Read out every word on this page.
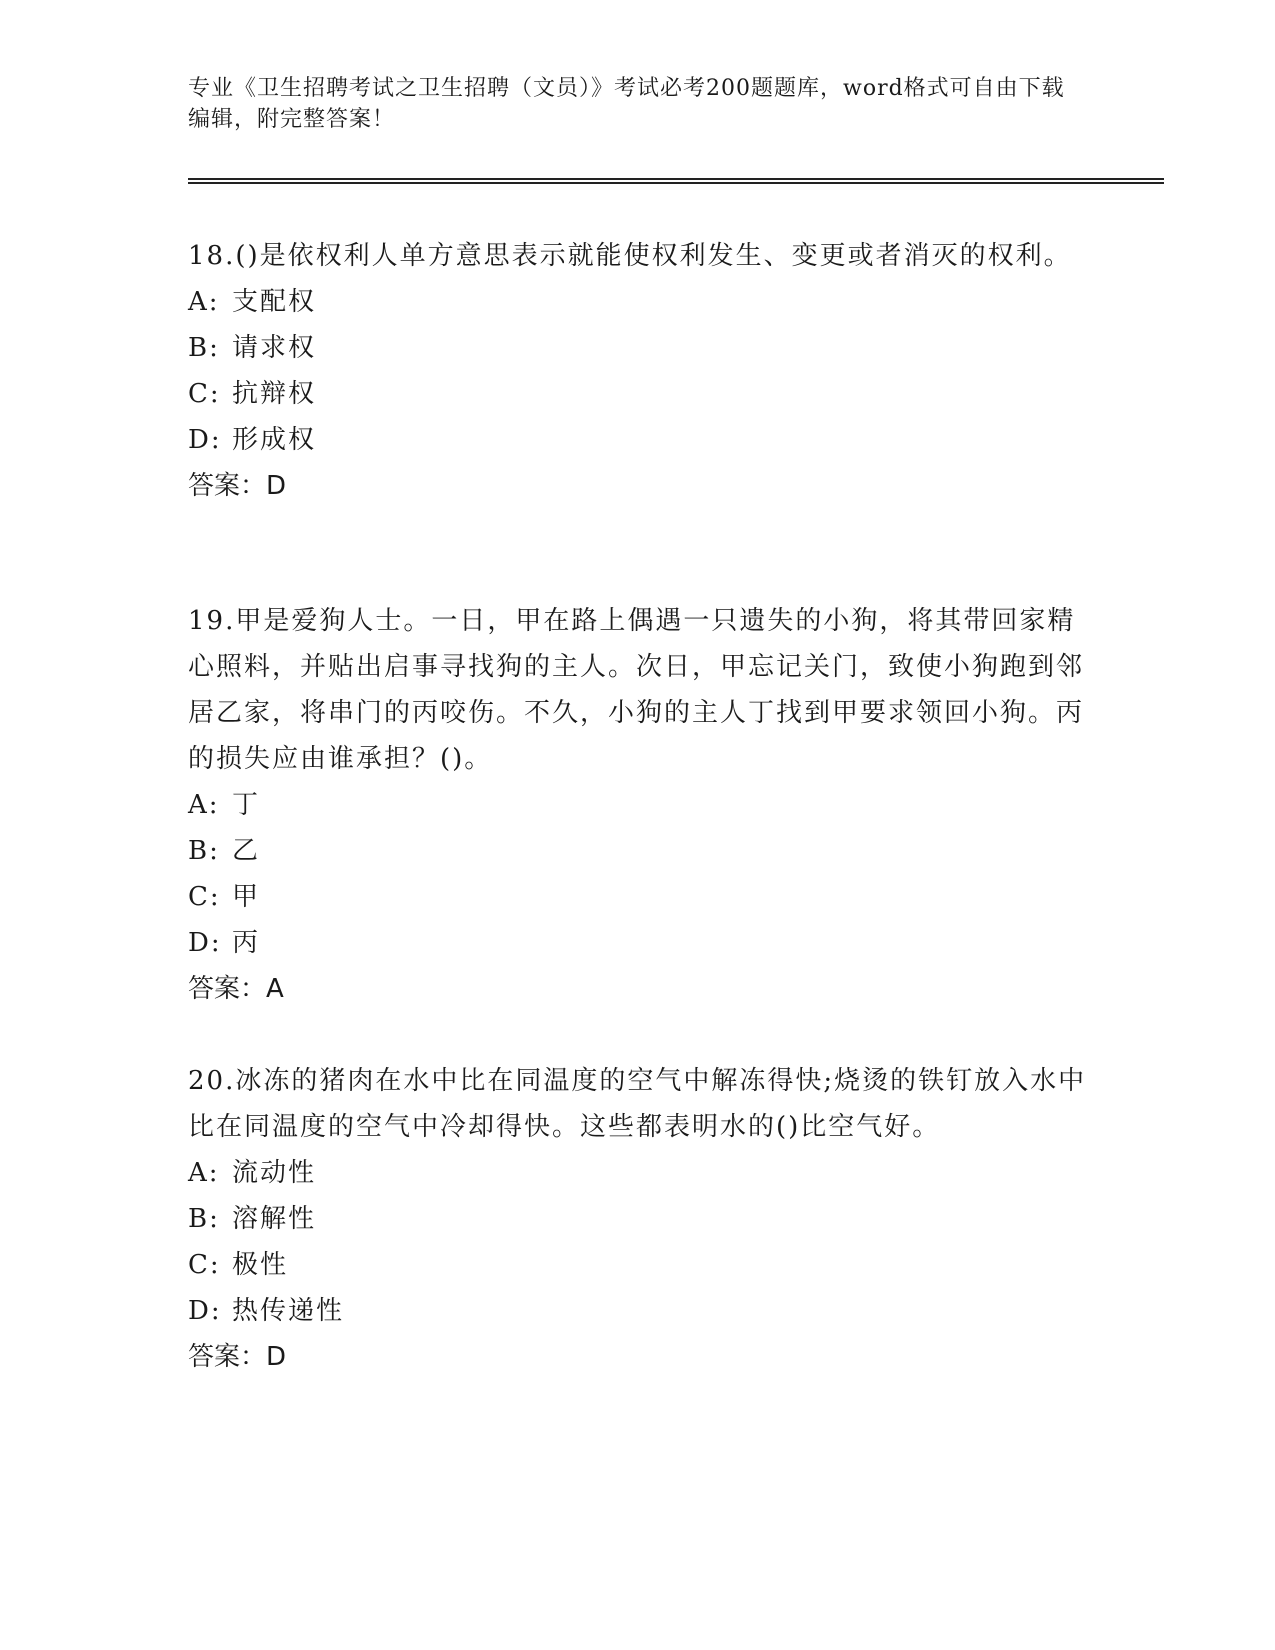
专业《卫生招聘考试之卫生招聘（文员）》考试必考200题题库，word格式可自由下载编辑，附完整答案！

18.()是依权利人单方意思表示就能使权利发生、变更或者消灭的权利。

A: 支配权

B: 请求权

C: 抗辩权

D: 形成权

答案：D

19.甲是爱狗人士。一日，甲在路上偶遇一只遗失的小狗，将其带回家精心照料，并贴出启事寻找狗的主人。次日，甲忘记关门，致使小狗跑到邻居乙家，将串门的丙咬伤。不久，小狗的主人丁找到甲要求领回小狗。丙的损失应由谁承担？()。

A: 丁

B: 乙

C: 甲

D: 丙

答案：A

20.冰冻的猪肉在水中比在同温度的空气中解冻得快;烧烫的铁钉放入水中比在同温度的空气中冷却得快。这些都表明水的()比空气好。

A: 流动性

B: 溶解性

C: 极性

D: 热传递性

答案：D
